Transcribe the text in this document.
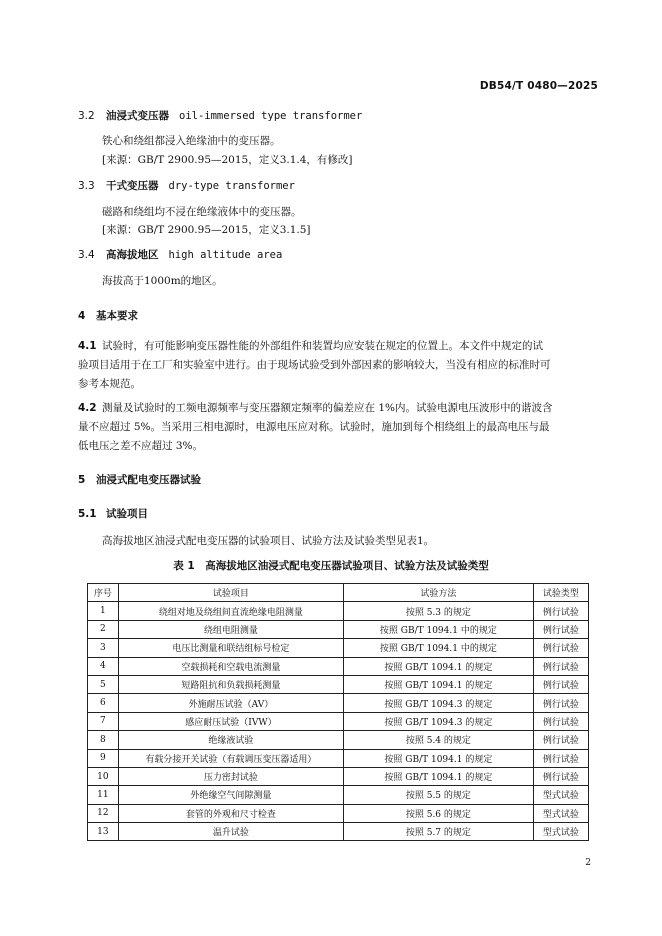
DB54/T 0480—2025
3.2 油浸式变压器 oil-immersed type transformer
铁心和绕组都浸入绝缘油中的变压器。
[来源：GB/T 2900.95—2015，定义3.1.4，有修改]
3.3 干式变压器 dry-type transformer
磁路和绕组均不浸在绝缘液体中的变压器。
[来源：GB/T 2900.95—2015，定义3.1.5]
3.4 高海拔地区 high altitude area
海拔高于1000m的地区。
4 基本要求
4.1 试验时，有可能影响变压器性能的外部组件和装置均应安装在规定的位置上。本文件中规定的试
验项目适用于在工厂和实验室中进行。由于现场试验受到外部因素的影响较大，当没有相应的标准时可
参考本规范。
4.2 测量及试验时的工频电源频率与变压器额定频率的偏差应在 1%内。试验电源电压波形中的谐波含
量不应超过 5%。当采用三相电源时，电源电压应对称。试验时，施加到每个相绕组上的最高电压与最
低电压之差不应超过 3%。
5 油浸式配电变压器试验
5.1 试验项目
高海拔地区油浸式配电变压器的试验项目、试验方法及试验类型见表1。
表 1　高海拔地区油浸式配电变压器试验项目、试验方法及试验类型
序号	试验项目	试验方法	试验类型
1	绕组对地及绕组间直流绝缘电阻测量	按照 5.3 的规定	例行试验
2	绕组电阻测量	按照 GB/T 1094.1 中的规定	例行试验
3	电压比测量和联结组标号检定	按照 GB/T 1094.1 中的规定	例行试验
4	空载损耗和空载电流测量	按照 GB/T 1094.1 的规定	例行试验
5	短路阻抗和负载损耗测量	按照 GB/T 1094.1 的规定	例行试验
6	外施耐压试验（AV）	按照 GB/T 1094.3 的规定	例行试验
7	感应耐压试验（IVW）	按照 GB/T 1094.3 的规定	例行试验
8	绝缘液试验	按照 5.4 的规定	例行试验
9	有载分接开关试验（有载调压变压器适用）	按照 GB/T 1094.1 的规定	例行试验
10	压力密封试验	按照 GB/T 1094.1 的规定	例行试验
11	外绝缘空气间隙测量	按照 5.5 的规定	型式试验
12	套管的外观和尺寸检查	按照 5.6 的规定	型式试验
13	温升试验	按照 5.7 的规定	型式试验
2
